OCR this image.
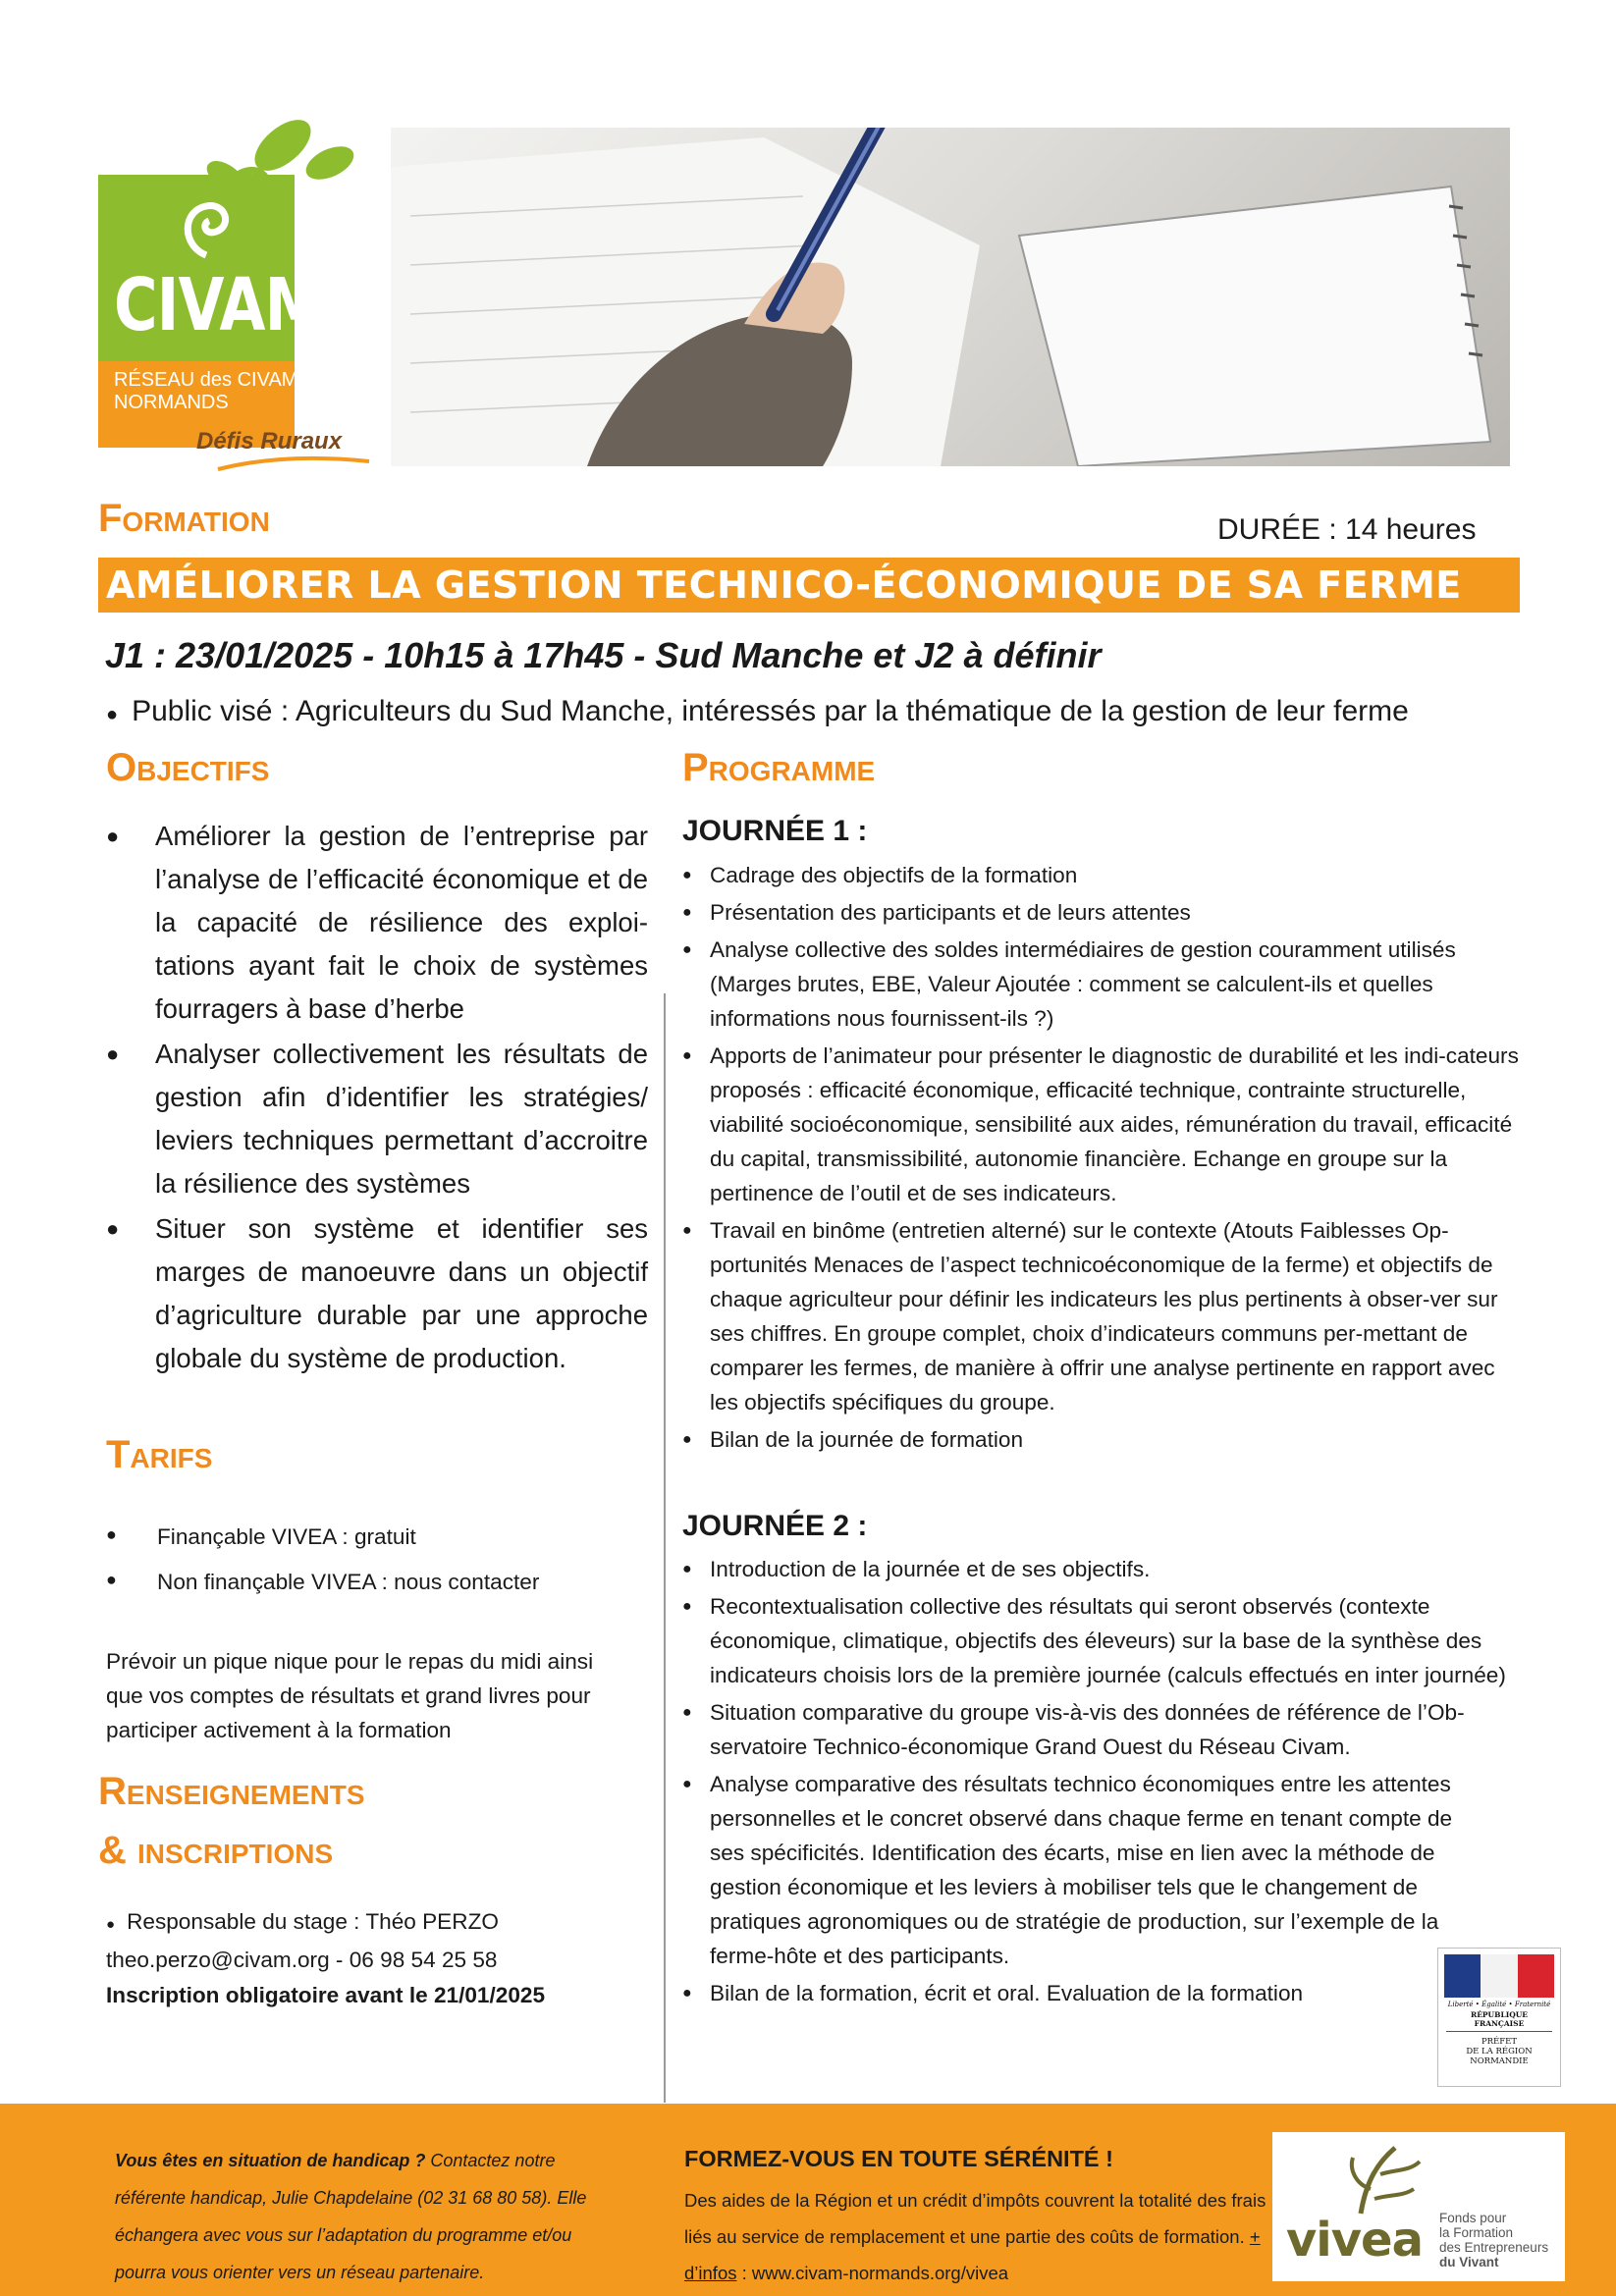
CIVAM
RÉSEAU des CIVAM
NORMANDS
Défis Ruraux
Formation	DURÉE : 14 heures
AMÉLIORER LA GESTION TECHNICO-ÉCONOMIQUE DE SA FERME
J1 : 23/01/2025 - 10h15 à 17h45 - Sud Manche et J2 à définir
● Public visé : Agriculteurs du Sud Manche, intéressés par la thématique de la gestion de leur ferme
Objectifs
● Améliorer la gestion de l’entreprise par l’analyse de l’efficacité économique et de la capacité de résilience des exploi-tations ayant fait le choix de systèmes fourragers à base d’herbe
● Analyser collectivement les résultats de gestion afin d’identifier les stratégies/ leviers techniques permettant d’accroitre la résilience des systèmes
● Situer son système et identifier ses marges de manoeuvre dans un objectif d’agriculture durable par une approche globale du système de production.
Tarifs
● Finançable VIVEA : gratuit
● Non finançable VIVEA : nous contacter
Prévoir un pique nique pour le repas du midi ainsi que vos comptes de résultats et grand livres pour participer activement à la formation
Renseignements
& inscriptions
● Responsable du stage : Théo PERZO
theo.perzo@civam.org - 06 98 54 25 58
Inscription obligatoire avant le 21/01/2025
Programme
JOURNÉE 1 :
● Cadrage des objectifs de la formation
● Présentation des participants et de leurs attentes
● Analyse collective des soldes intermédiaires de gestion couramment utilisés (Marges brutes, EBE, Valeur Ajoutée : comment se calculent-ils et quelles informations nous fournissent-ils ?)
● Apports de l’animateur pour présenter le diagnostic de durabilité et les indi-cateurs proposés : efficacité économique, efficacité technique, contrainte structurelle, viabilité socioéconomique, sensibilité aux aides, rémunération du travail, efficacité du capital, transmissibilité, autonomie financière. Echange en groupe sur la pertinence de l’outil et de ses indicateurs.
● Travail en binôme (entretien alterné) sur le contexte (Atouts Faiblesses Op-portunités Menaces de l’aspect technicoéconomique de la ferme) et objectifs de chaque agriculteur pour définir les indicateurs les plus pertinents à obser-ver sur ses chiffres. En groupe complet, choix d’indicateurs communs per-mettant de comparer les fermes, de manière à offrir une analyse pertinente en rapport avec les objectifs spécifiques du groupe.
● Bilan de la journée de formation
JOURNÉE 2 :
● Introduction de la journée et de ses objectifs.
● Recontextualisation collective des résultats qui seront observés (contexte économique, climatique, objectifs des éleveurs) sur la base de la synthèse des indicateurs choisis lors de la première journée (calculs effectués en inter journée)
● Situation comparative du groupe vis-à-vis des données de référence de l’Ob-servatoire Technico-économique Grand Ouest du Réseau Civam.
● Analyse comparative des résultats technico économiques entre les attentes personnelles et le concret observé dans chaque ferme en tenant compte de ses spécificités. Identification des écarts, mise en lien avec la méthode de gestion économique et les leviers à mobiliser tels que le changement de pratiques agronomiques ou de stratégie de production, sur l’exemple de la ferme-hôte et des participants.
● Bilan de la formation, écrit et oral. Evaluation de la formation	Liberté • Égalité • Fraternité
RÉPUBLIQUE FRANÇAISE
PRÉFET
DE LA RÉGION
NORMANDIE
Vous êtes en situation de handicap ? Contactez notre référente handicap, Julie Chapdelaine (02 31 68 80 58). Elle échangera avec vous sur l’adaptation du programme et/ou pourra vous orienter vers un réseau partenaire.
FORMEZ-VOUS EN TOUTE SÉRÉNITÉ !
Des aides de la Région et un crédit d’impôts couvrent la totalité des frais liés au service de remplacement et une partie des coûts de formation. + d’infos : www.civam-normands.org/vivea
vivea Fonds pour
la Formation
des Entrepreneurs
du Vivant
